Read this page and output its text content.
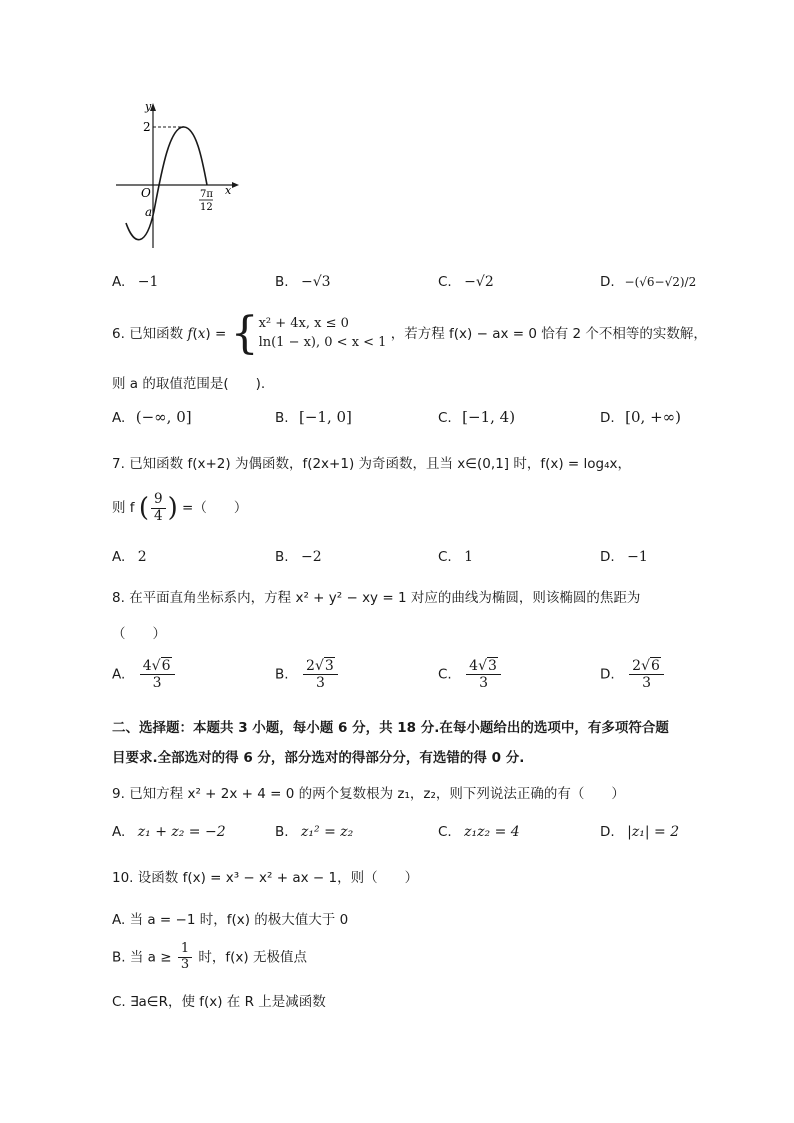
y
x
O
2
a
7π
12
A. −1	B. −√3	C. −√2	D. −(√6−√2)/2
6. 已知函数 f(x) = { x² + 4x, x ≤ 0
ln(1 − x), 0 < x < 1
，若方程 f(x) − ax = 0 恰有 2 个不相等的实数解，
则 a 的取值范围是(　　).
A. (−∞, 0]	B. [−1, 0]	C. [−1, 4)	D. [0, +∞)
7. 已知函数 f(x+2) 为偶函数，f(2x+1) 为奇函数，且当 x∈(0,1] 时，f(x) = log₄x，
则 f ( $\frac{9}{4}$ ) =（　　）
A. 2	B. −2	C. 1	D. −1
8. 在平面直角坐标系内，方程 x² + y² − xy = 1 对应的曲线为椭圆，则该椭圆的焦距为
（　　）
A. $\frac{4√6}{3}$	B. $\frac{2√3}{3}$	C. $\frac{4√3}{3}$	D. $\frac{2√6}{3}$
二、选择题：本题共 3 小题，每小题 6 分，共 18 分.在每小题给出的选项中，有多项符合题
目要求.全部选对的得 6 分，部分选对的得部分分，有选错的得 0 分.
9. 已知方程 x² + 2x + 4 = 0 的两个复数根为 z₁，z₂，则下列说法正确的有（　　）
A. z₁ + z₂ = −2	B. z₁² = z₂	C. z₁z₂ = 4	D. |z₁| = 2
10. 设函数 f(x) = x³ − x² + ax − 1，则（　　）
A. 当 a = −1 时，f(x) 的极大值大于 0
B. 当 $a \ge \frac{1}{3}$ 时，f(x) 无极值点
C. ∃a∈R，使 f(x) 在 R 上是减函数
